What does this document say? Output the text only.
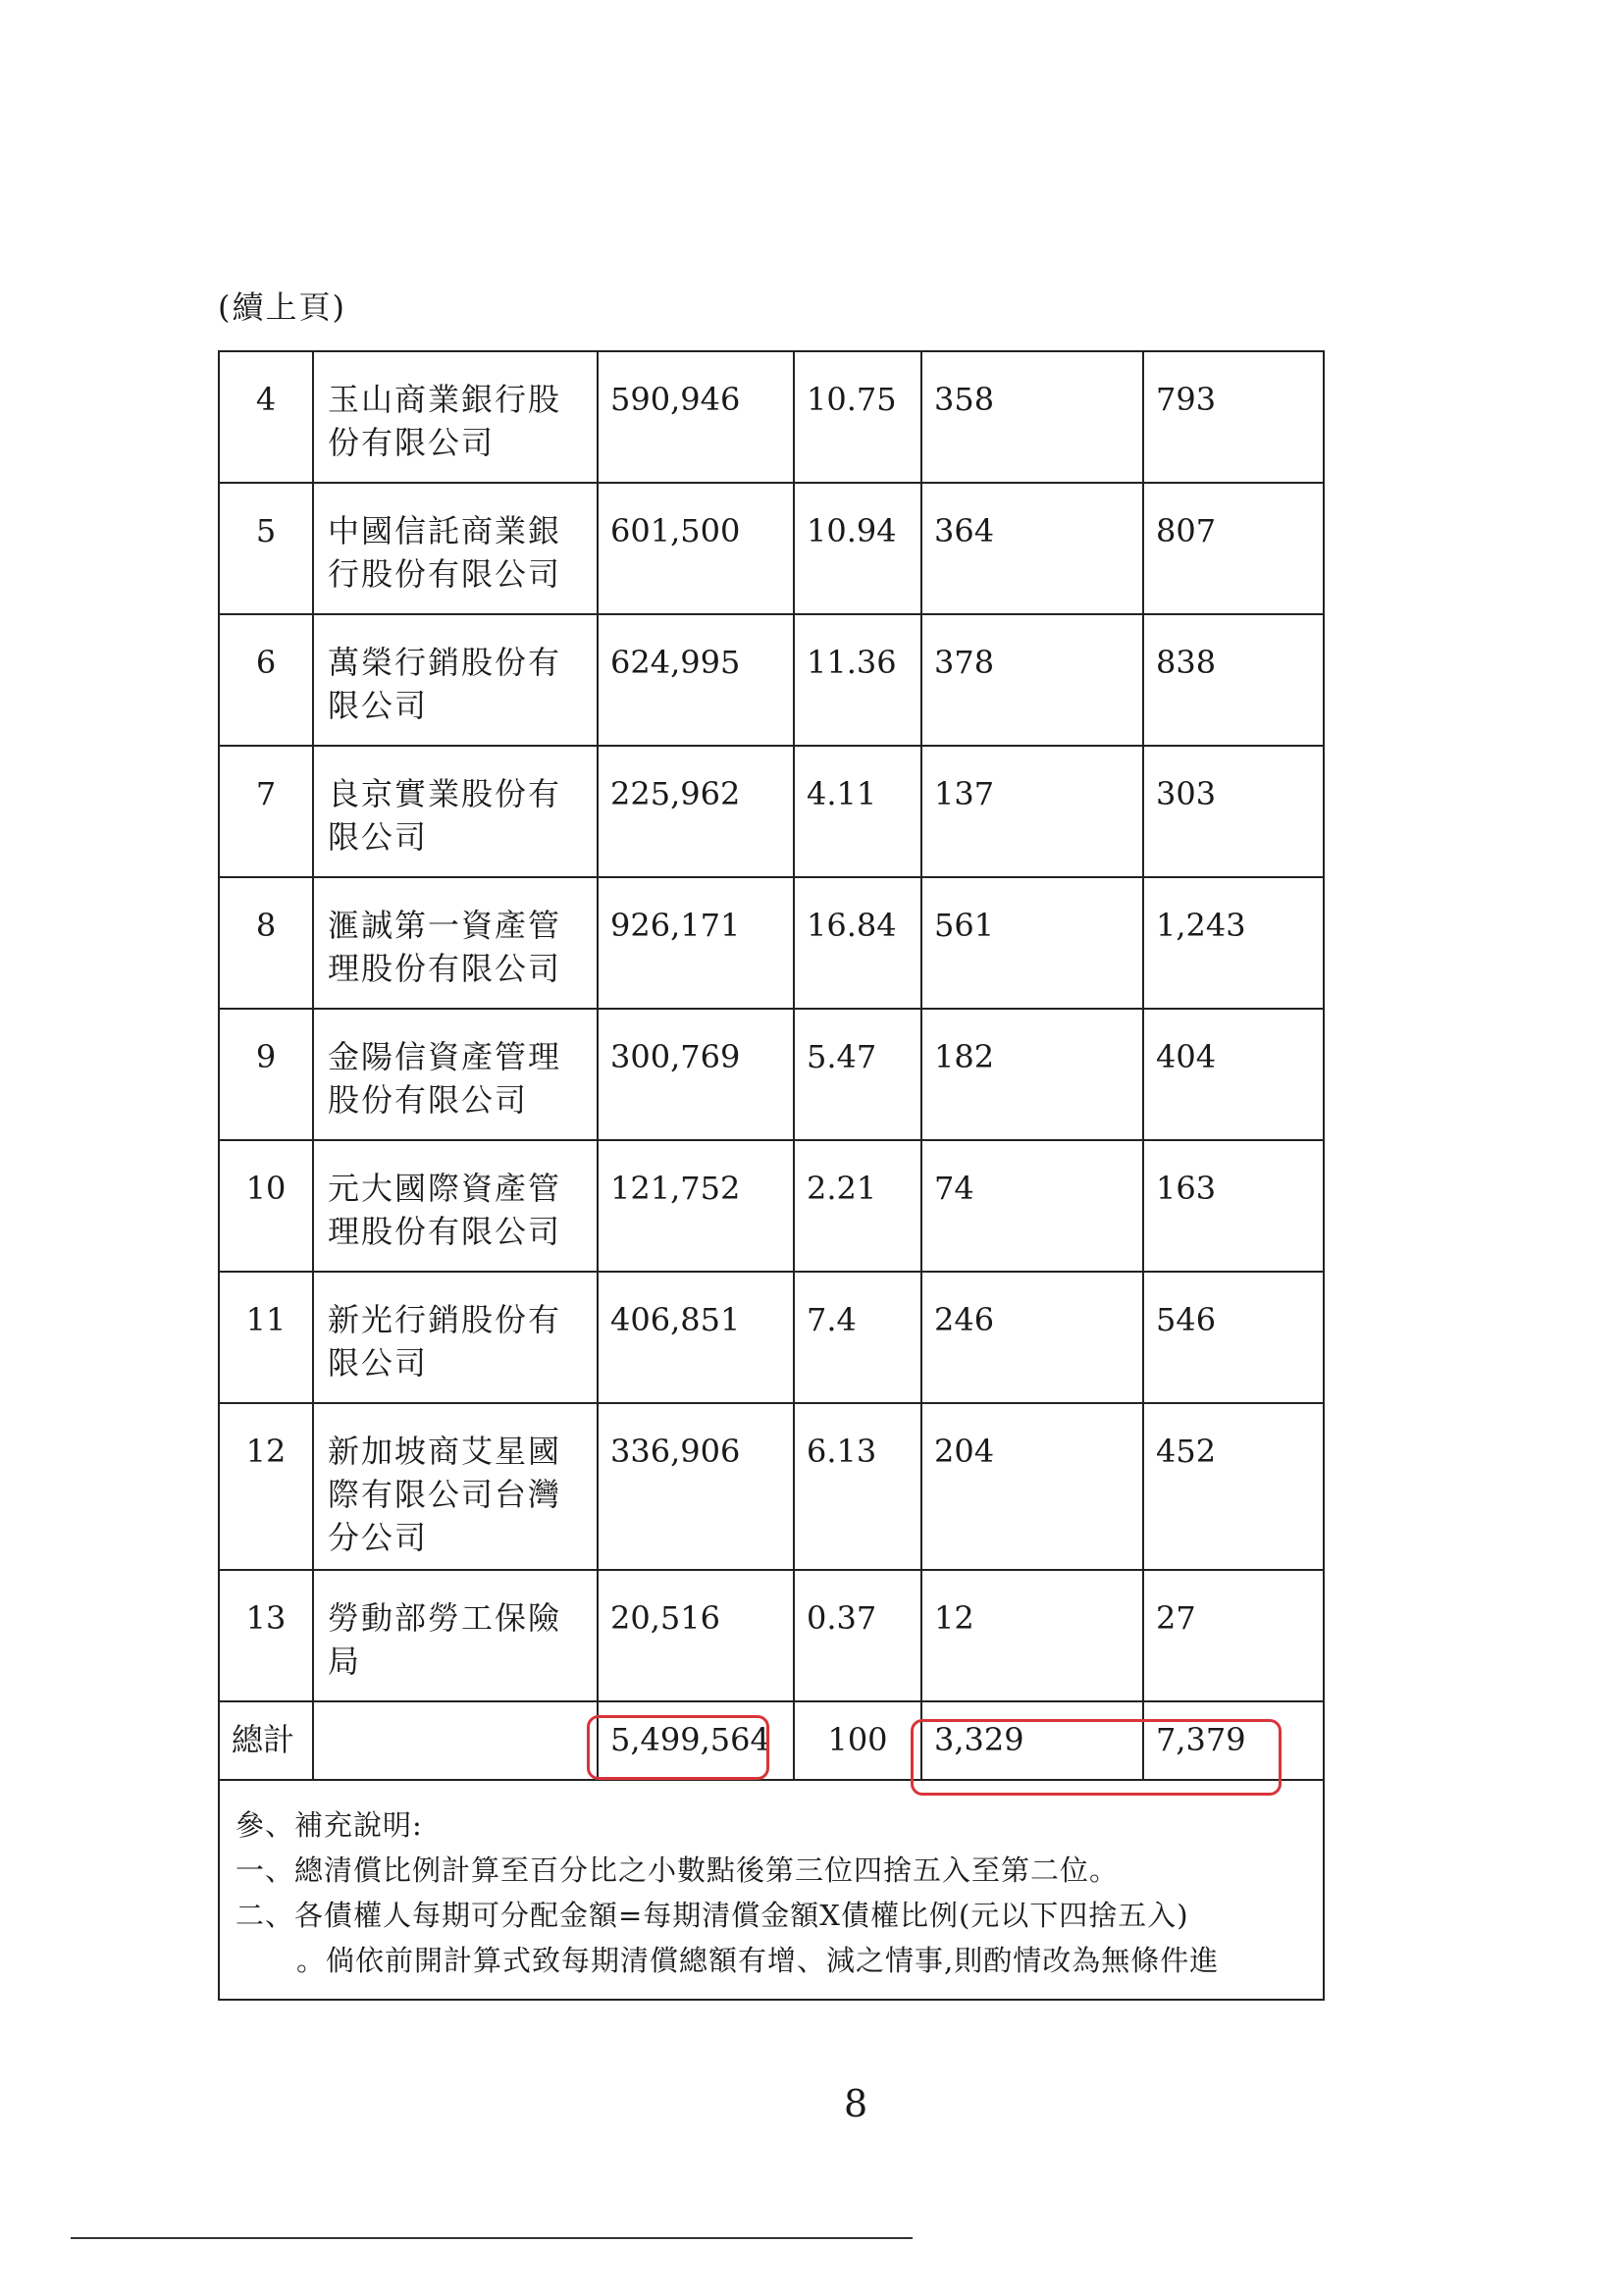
(續上頁)
4	玉山商業銀行股份有限公司	590,946	10.75	358	793
5	中國信託商業銀行股份有限公司	601,500	10.94	364	807
6	萬榮行銷股份有限公司	624,995	11.36	378	838
7	良京實業股份有限公司	225,962	4.11	137	303
8	滙誠第一資產管理股份有限公司	926,171	16.84	561	1,243
9	金陽信資產管理股份有限公司	300,769	5.47	182	404
10	元大國際資產管理股份有限公司	121,752	2.21	74	163
11	新光行銷股份有限公司	406,851	7.4	246	546
12	新加坡商艾星國際有限公司台灣分公司	336,906	6.13	204	452
13	勞動部勞工保險局	20,516	0.37	12	27
總計		5,499,564	100	3,329	7,379

參、補充說明:
一、總清償比例計算至百分比之小數點後第三位四捨五入至第二位。
二、各債權人每期可分配金額=每期清償金額X債權比例(元以下四捨五入)
。倘依前開計算式致每期清償總額有增、減之情事,則酌情改為無條件進					
8
